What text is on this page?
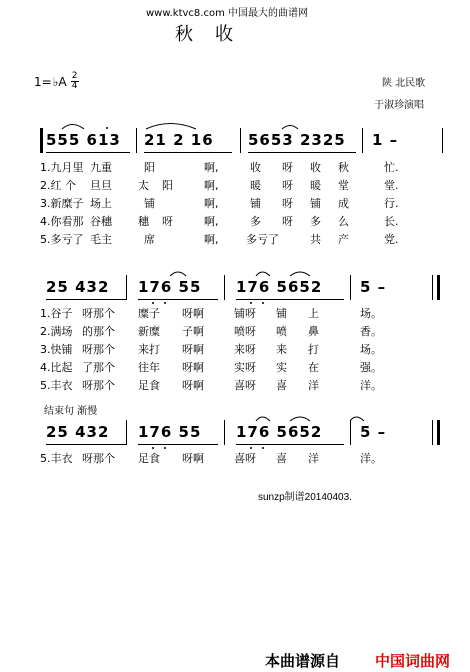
www.ktvc8.com 中国最大的曲谱网
秋收
1= ♭A $\frac{2}{4}$	陕 北民歌
于淑珍演唱
555 613 21 2 16 5653 2325 1 –
1.九月里 九重	阳	啊,	收 呀 收 秋	忙.
2.红 个 旦旦 太 阳	啊,	暖 呀 暖 堂	堂.
3.新糜子 场上	铺	啊,	铺 呀 铺 成	行.
4.你看那 谷穗 穗 呀	啊,	多 呀 多 么	长.
5.多亏了 毛主	席	啊,	多亏了	共 产	党.
25 432 176 55 176 5652	5 –
1.谷子 呀那个 糜子 呀啊	铺呀 铺 上	场。
2.满场 的那个 新糜 子啊	喷呀 喷 鼻	香。
3.快铺 呀那个 来打 呀啊	来呀 来 打	场。
4.比起 了那个 往年 呀啊	实呀 实 在	强。
5.丰衣 呀那个 足食 呀啊	喜呀 喜 洋	洋。
结束句 渐慢
25 432 176 55 176 5652	5 –
5.丰衣 呀那个 足食 呀啊	喜呀 喜 洋	洋。
sunzp制谱20140403.
本曲谱源自 中国词曲网
